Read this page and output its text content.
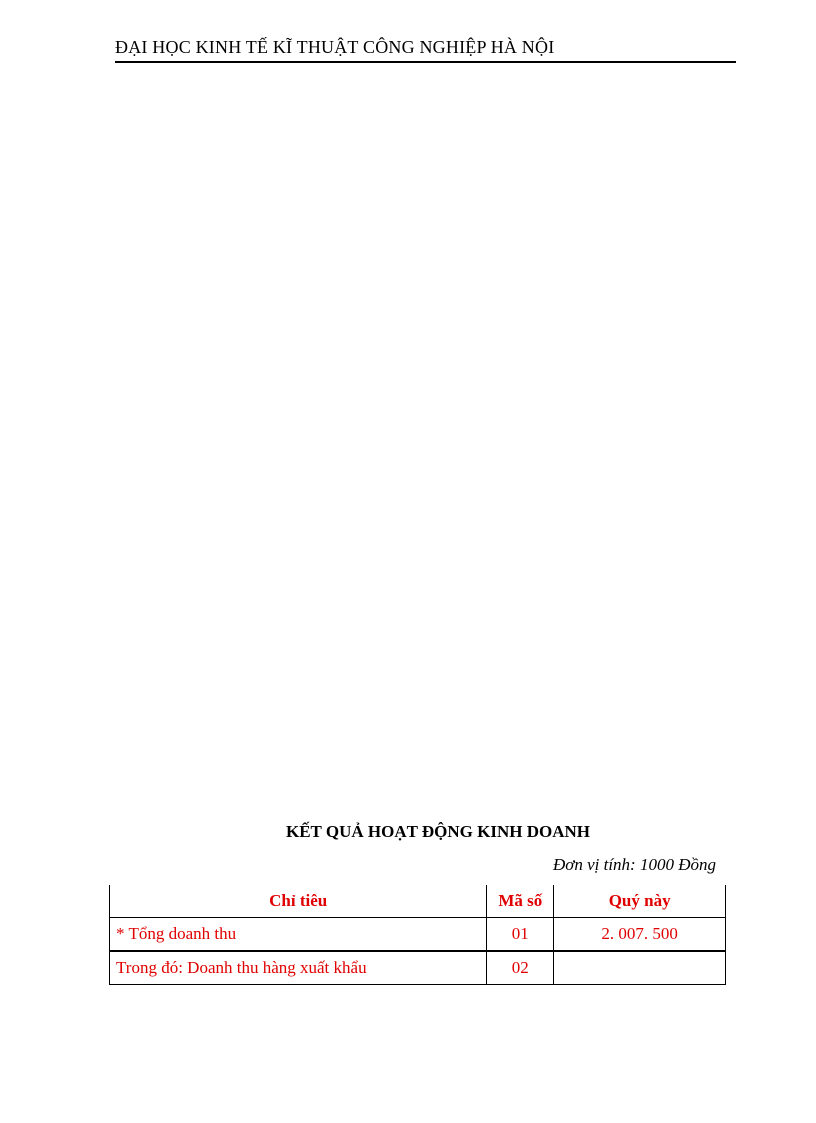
ĐẠI HỌC KINH TẾ KĨ THUẬT CÔNG NGHIỆP HÀ NỘI
KẾT QUẢ HOẠT ĐỘNG KINH DOANH
Đơn vị tính: 1000 Đồng
Chỉ tiêu	Mã số	Quý này
* Tổng doanh thu	01	2. 007. 500
Trong đó: Doanh thu hàng xuất khẩu	02	
